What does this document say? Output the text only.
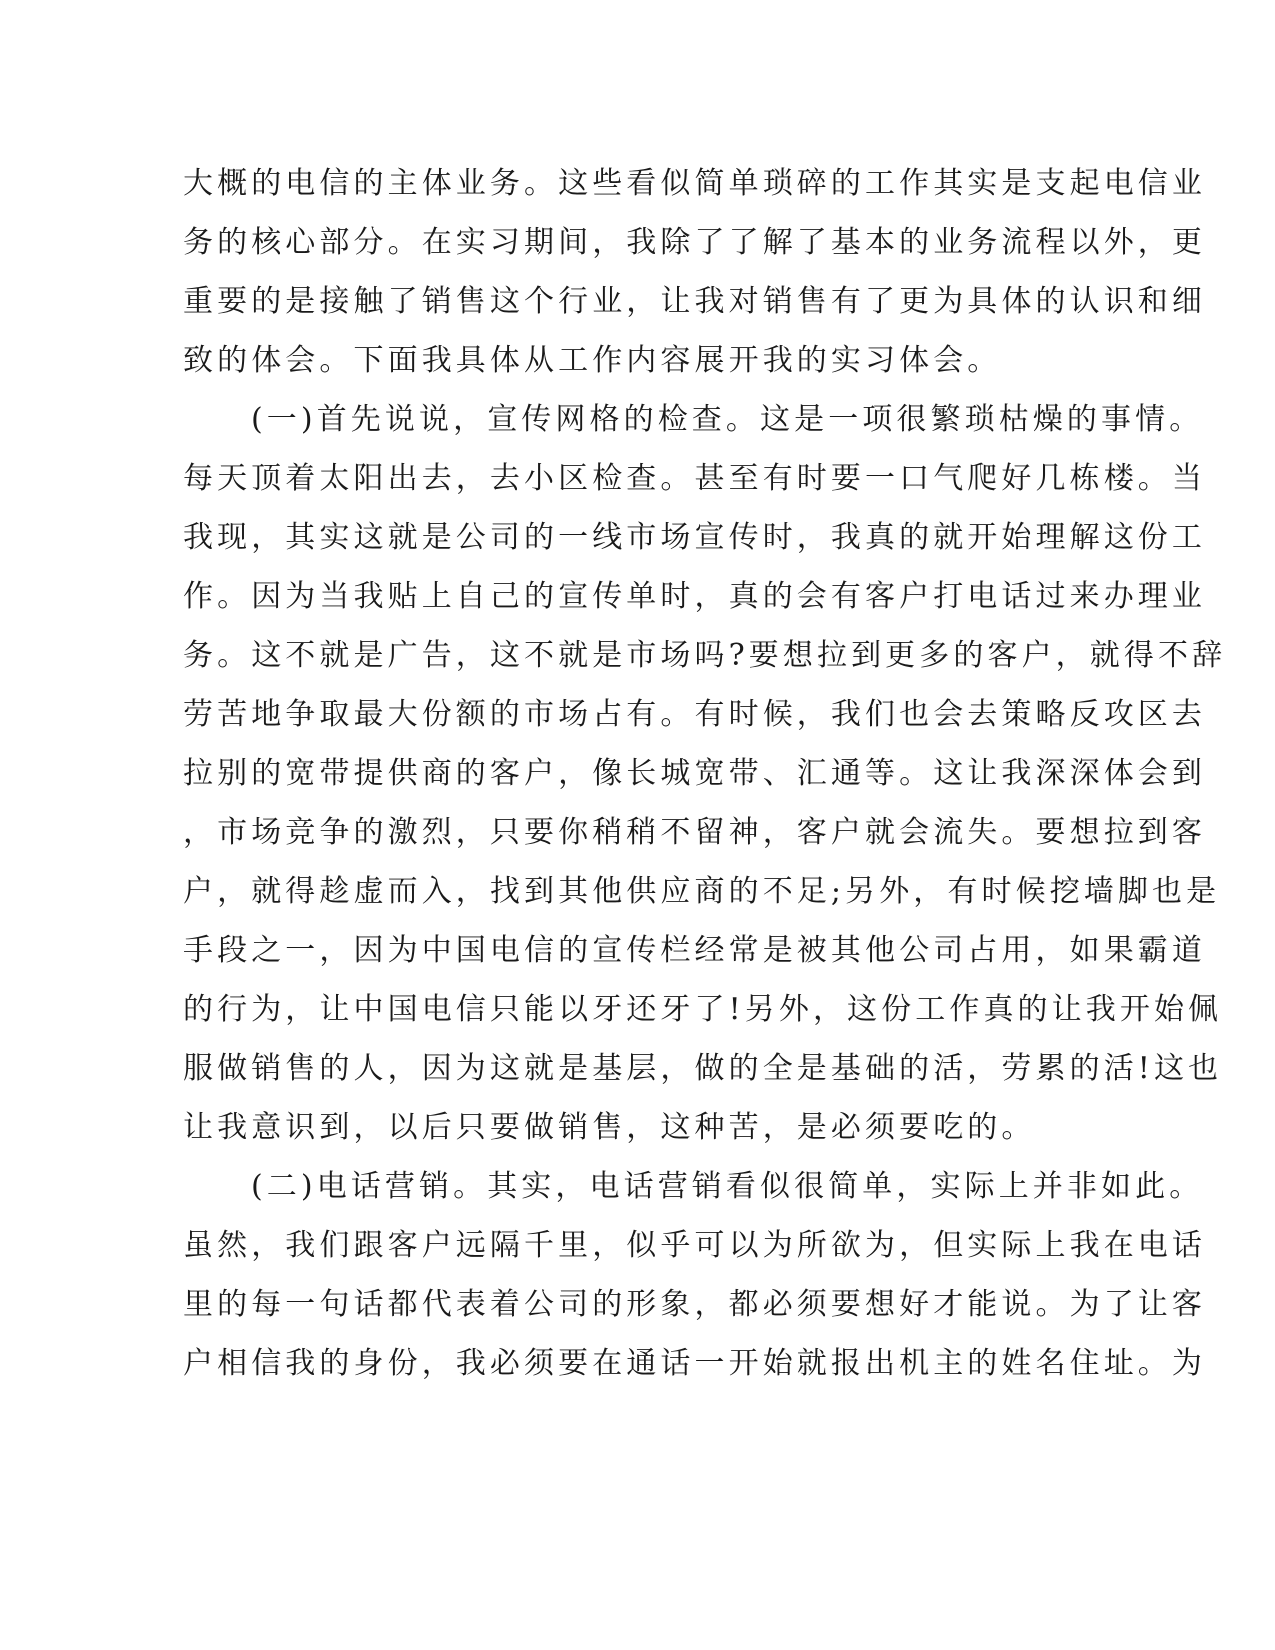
大概的电信的主体业务。这些看似简单琐碎的工作其实是支起电信业
务的核心部分。在实习期间，我除了了解了基本的业务流程以外，更
重要的是接触了销售这个行业，让我对销售有了更为具体的认识和细
致的体会。下面我具体从工作内容展开我的实习体会。
(一)首先说说，宣传网格的检查。这是一项很繁琐枯燥的事情。
每天顶着太阳出去，去小区检查。甚至有时要一口气爬好几栋楼。当
我现，其实这就是公司的一线市场宣传时，我真的就开始理解这份工
作。因为当我贴上自己的宣传单时，真的会有客户打电话过来办理业
务。这不就是广告，这不就是市场吗?要想拉到更多的客户，就得不辞
劳苦地争取最大份额的市场占有。有时候，我们也会去策略反攻区去
拉别的宽带提供商的客户，像长城宽带、汇通等。这让我深深体会到
，市场竞争的激烈，只要你稍稍不留神，客户就会流失。要想拉到客
户，就得趁虚而入，找到其他供应商的不足;另外，有时候挖墙脚也是
手段之一，因为中国电信的宣传栏经常是被其他公司占用，如果霸道
的行为，让中国电信只能以牙还牙了!另外，这份工作真的让我开始佩
服做销售的人，因为这就是基层，做的全是基础的活，劳累的活!这也
让我意识到，以后只要做销售，这种苦，是必须要吃的。
(二)电话营销。其实，电话营销看似很简单，实际上并非如此。
虽然，我们跟客户远隔千里，似乎可以为所欲为，但实际上我在电话
里的每一句话都代表着公司的形象，都必须要想好才能说。为了让客
户相信我的身份，我必须要在通话一开始就报出机主的姓名住址。为
